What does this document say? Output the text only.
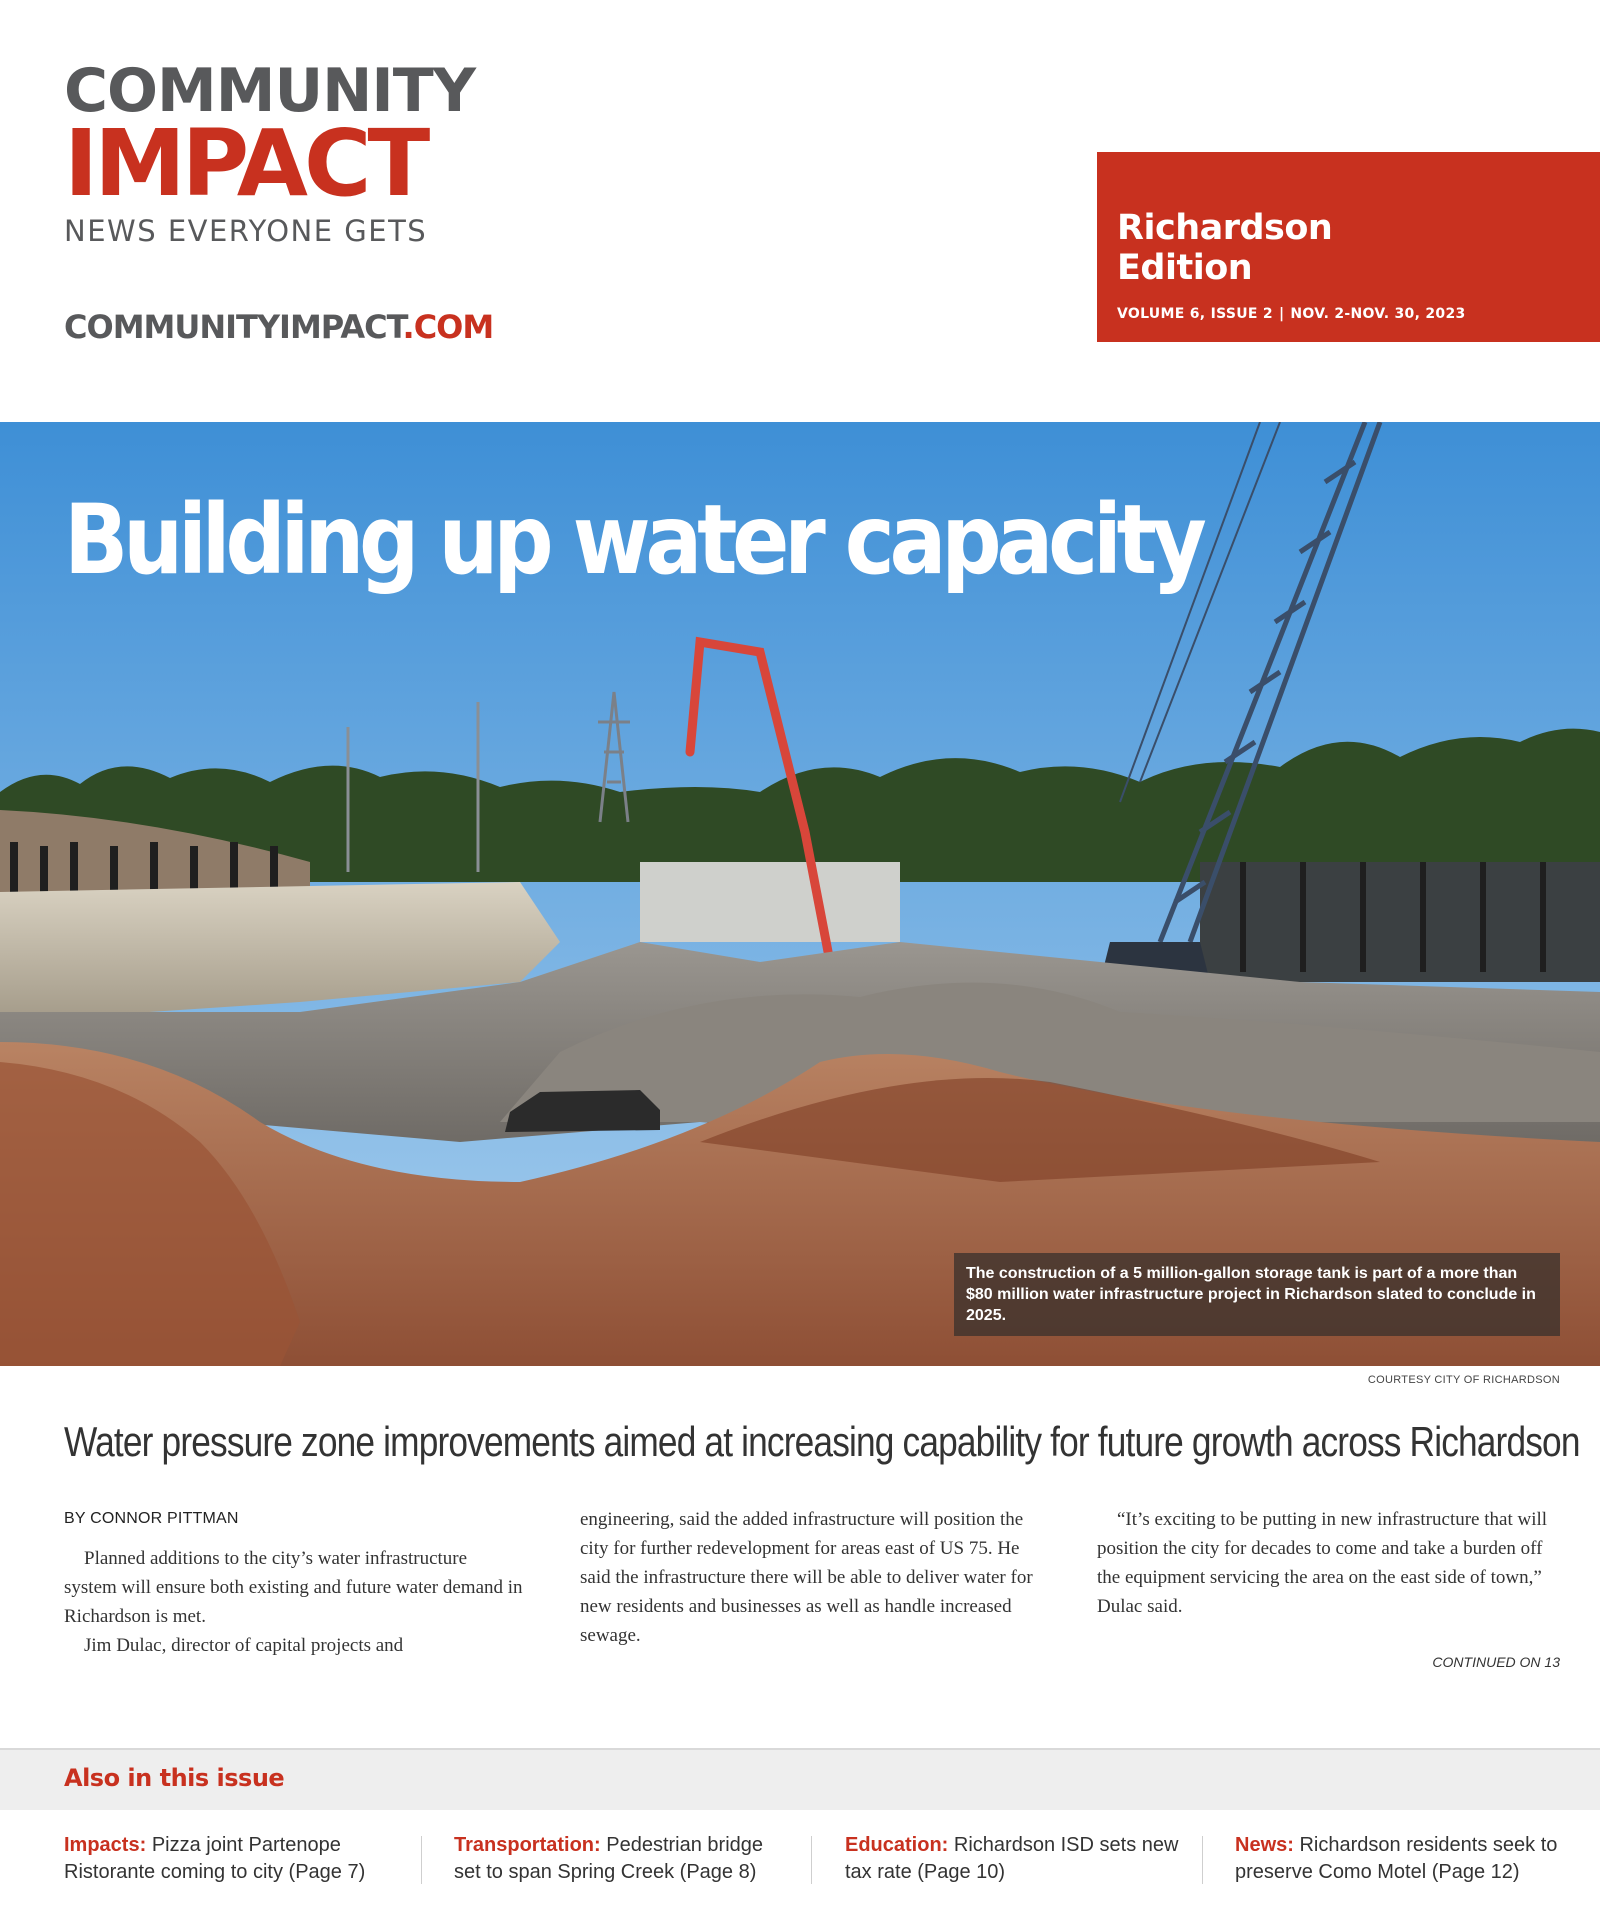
COMMUNITY
IMPACT
NEWS EVERYONE GETS
COMMUNITYIMPACT.COM
Richardson Edition
VOLUME 6, ISSUE 2 | NOV. 2-NOV. 30, 2023
Building up water capacity
The construction of a 5 million-gallon storage tank is part of a more than $80 million water infrastructure project in Richardson slated to conclude in 2025.
COURTESY CITY OF RICHARDSON
Water pressure zone improvements aimed at increasing capability for future growth across Richardson
BY CONNOR PITTMAN

Planned additions to the city’s water infrastructure system will ensure both existing and future water demand in Richardson is met.

Jim Dulac, director of capital projects and

engineering, said the added infrastructure will position the city for further redevelopment for areas east of US 75. He said the infrastructure there will be able to deliver water for new residents and businesses as well as handle increased sewage.

“It’s exciting to be putting in new infrastructure that will position the city for decades to come and take a burden off the equipment servicing the area on the east side of town,” Dulac said.

CONTINUED ON 13
Also in this issue
Impacts: Pizza joint Partenope Ristorante coming to city (Page 7)
Transportation: Pedestrian bridge set to span Spring Creek (Page 8)
Education: Richardson ISD sets new tax rate (Page 10)
News: Richardson residents seek to preserve Como Motel (Page 12)
